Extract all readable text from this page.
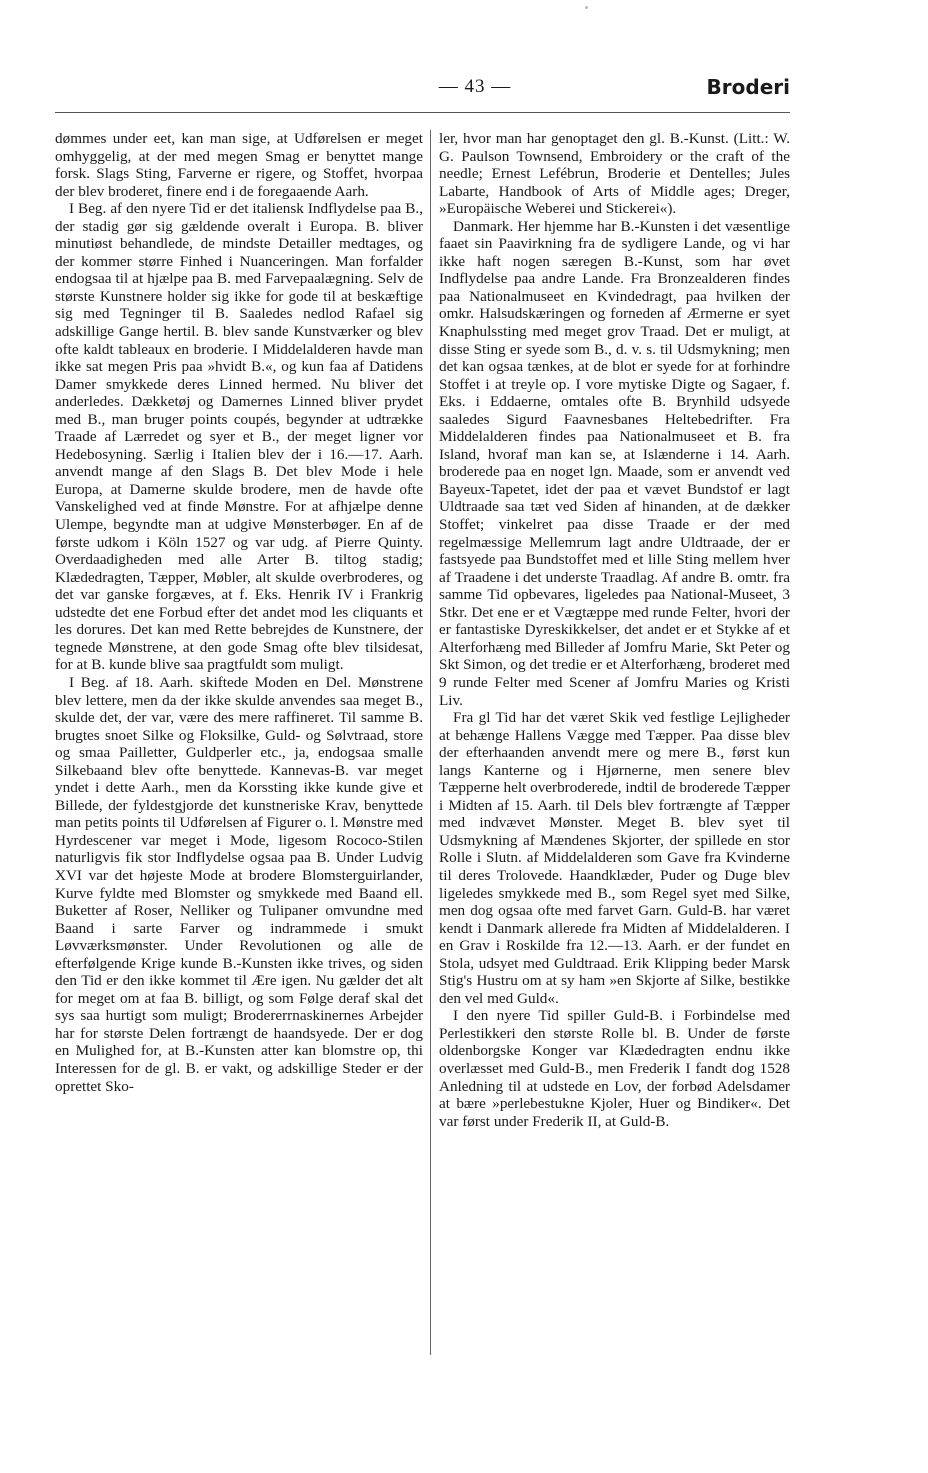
— 43 —	Broderi

dømmes under eet, kan man sige, at Udførelsen er meget omhyggelig, at der med megen Smag er benyttet mange forsk. Slags Sting, Farverne er rigere, og Stoffet, hvorpaa der blev broderet, finere end i de foregaaende Aarh.

I Beg. af den nyere Tid er det italiensk Indflydelse paa B., der stadig gør sig gældende overalt i Europa. B. bliver minutiøst behandlede, de mindste Detailler medtages, og der kommer større Finhed i Nuanceringen. Man forfalder endogsaa til at hjælpe paa B. med Farvepaalægning. Selv de største Kunstnere holder sig ikke for gode til at beskæftige sig med Tegninger til B. Saaledes nedlod Rafael sig adskillige Gange hertil. B. blev sande Kunstværker og blev ofte kaldt tableaux en broderie. I Middelalderen havde man ikke sat megen Pris paa »hvidt B.«, og kun faa af Datidens Damer smykkede deres Linned hermed. Nu bliver det anderledes. Dækketøj og Damernes Linned bliver prydet med B., man bruger points coupés, begynder at udtrække Traade af Lærredet og syer et B., der meget ligner vor Hedebosyning. Særlig i Italien blev der i 16.—17. Aarh. anvendt mange af den Slags B. Det blev Mode i hele Europa, at Damerne skulde brodere, men de havde ofte Vanskelighed ved at finde Mønstre. For at afhjælpe denne Ulempe, begyndte man at udgive Mønsterbøger. En af de første udkom i Köln 1527 og var udg. af Pierre Quinty. Overdaadigheden med alle Arter B. tiltog stadig; Klædedragten, Tæpper, Møbler, alt skulde overbroderes, og det var ganske forgæves, at f. Eks. Henrik IV i Frankrig udstedte det ene Forbud efter det andet mod les cliquants et les dorures. Det kan med Rette bebrejdes de Kunstnere, der tegnede Mønstrene, at den gode Smag ofte blev tilsidesat, for at B. kunde blive saa pragtfuldt som muligt.

I Beg. af 18. Aarh. skiftede Moden en Del. Mønstrene blev lettere, men da der ikke skulde anvendes saa meget B., skulde det, der var, være des mere raffineret. Til samme B. brugtes snoet Silke og Floksilke, Guld- og Sølvtraad, store og smaa Pailletter, Guldperler etc., ja, endogsaa smalle Silkebaand blev ofte benyttede. Kannevas-B. var meget yndet i dette Aarh., men da Korssting ikke kunde give et Billede, der fyldestgjorde det kunstneriske Krav, benyttede man petits points til Udførelsen af Figurer o. l. Mønstre med Hyrdescener var meget i Mode, ligesom Rococo-Stilen naturligvis fik stor Indflydelse ogsaa paa B. Under Ludvig XVI var det højeste Mode at brodere Blomsterguirlander, Kurve fyldte med Blomster og smykkede med Baand ell. Buketter af Roser, Nelliker og Tulipaner omvundne med Baand i sarte Farver og indrammede i smukt Løvværksmønster. Under Revolutionen og alle de efterfølgende Krige kunde B.-Kunsten ikke trives, og siden den Tid er den ikke kommet til Ære igen. Nu gælder det alt for meget om at faa B. billigt, og som Følge deraf skal det sys saa hurtigt som muligt; Brodererrnaskinernes Arbejder har for største Delen fortrængt de haandsyede. Der er dog en Mulighed for, at B.-Kunsten atter kan blomstre op, thi Interessen for de gl. B. er vakt, og adskillige Steder er der oprettet Sko-

ler, hvor man har genoptaget den gl. B.-Kunst. (Litt.: W. G. Paulson Townsend, Embroidery or the craft of the needle; Ernest Lefébrun, Broderie et Dentelles; Jules Labarte, Handbook of Arts of Middle ages; Dreger, »Europäische Weberei und Stickerei«).

Danmark. Her hjemme har B.-Kunsten i det væsentlige faaet sin Paavirkning fra de sydligere Lande, og vi har ikke haft nogen særegen B.-Kunst, som har øvet Indflydelse paa andre Lande. Fra Bronzealderen findes paa Nationalmuseet en Kvindedragt, paa hvilken der omkr. Halsudskæringen og forneden af Ærmerne er syet Knaphulssting med meget grov Traad. Det er muligt, at disse Sting er syede som B., d. v. s. til Udsmykning; men det kan ogsaa tænkes, at de blot er syede for at forhindre Stoffet i at treyle op. I vore mytiske Digte og Sagaer, f. Eks. i Eddaerne, omtales ofte B. Brynhild udsyede saaledes Sigurd Faavnesbanes Heltebedrifter. Fra Middelalderen findes paa Nationalmuseet et B. fra Island, hvoraf man kan se, at Islænderne i 14. Aarh. broderede paa en noget lgn. Maade, som er anvendt ved Bayeux-Tapetet, idet der paa et vævet Bundstof er lagt Uldtraade saa tæt ved Siden af hinanden, at de dækker Stoffet; vinkelret paa disse Traade er der med regelmæssige Mellemrum lagt andre Uldtraade, der er fastsyede paa Bundstoffet med et lille Sting mellem hver af Traadene i det underste Traadlag. Af andre B. omtr. fra samme Tid opbevares, ligeledes paa National-Museet, 3 Stkr. Det ene er et Vægtæppe med runde Felter, hvori der er fantastiske Dyreskikkelser, det andet er et Stykke af et Alterforhæng med Billeder af Jomfru Marie, Skt Peter og Skt Simon, og det tredie er et Alterforhæng, broderet med 9 runde Felter med Scener af Jomfru Maries og Kristi Liv.

Fra gl Tid har det været Skik ved festlige Lejligheder at behænge Hallens Vægge med Tæpper. Paa disse blev der efterhaanden anvendt mere og mere B., først kun langs Kanterne og i Hjørnerne, men senere blev Tæpperne helt overbroderede, indtil de broderede Tæpper i Midten af 15. Aarh. til Dels blev fortrængte af Tæpper med indvævet Mønster. Meget B. blev syet til Udsmykning af Mændenes Skjorter, der spillede en stor Rolle i Slutn. af Middelalderen som Gave fra Kvinderne til deres Trolovede. Haandklæder, Puder og Duge blev ligeledes smykkede med B., som Regel syet med Silke, men dog ogsaa ofte med farvet Garn. Guld-B. har været kendt i Danmark allerede fra Midten af Middelalderen. I en Grav i Roskilde fra 12.—13. Aarh. er der fundet en Stola, udsyet med Guldtraad. Erik Klipping beder Marsk Stig's Hustru om at sy ham »en Skjorte af Silke, bestikke den vel med Guld«.

I den nyere Tid spiller Guld-B. i Forbindelse med Perlestikkeri den største Rolle bl. B. Under de første oldenborgske Konger var Klædedragten endnu ikke overlæsset med Guld-B., men Frederik I fandt dog 1528 Anledning til at udstede en Lov, der forbød Adelsdamer at bære »perlebestukne Kjoler, Huer og Bindiker«. Det var først under Frederik II, at Guld-B.
